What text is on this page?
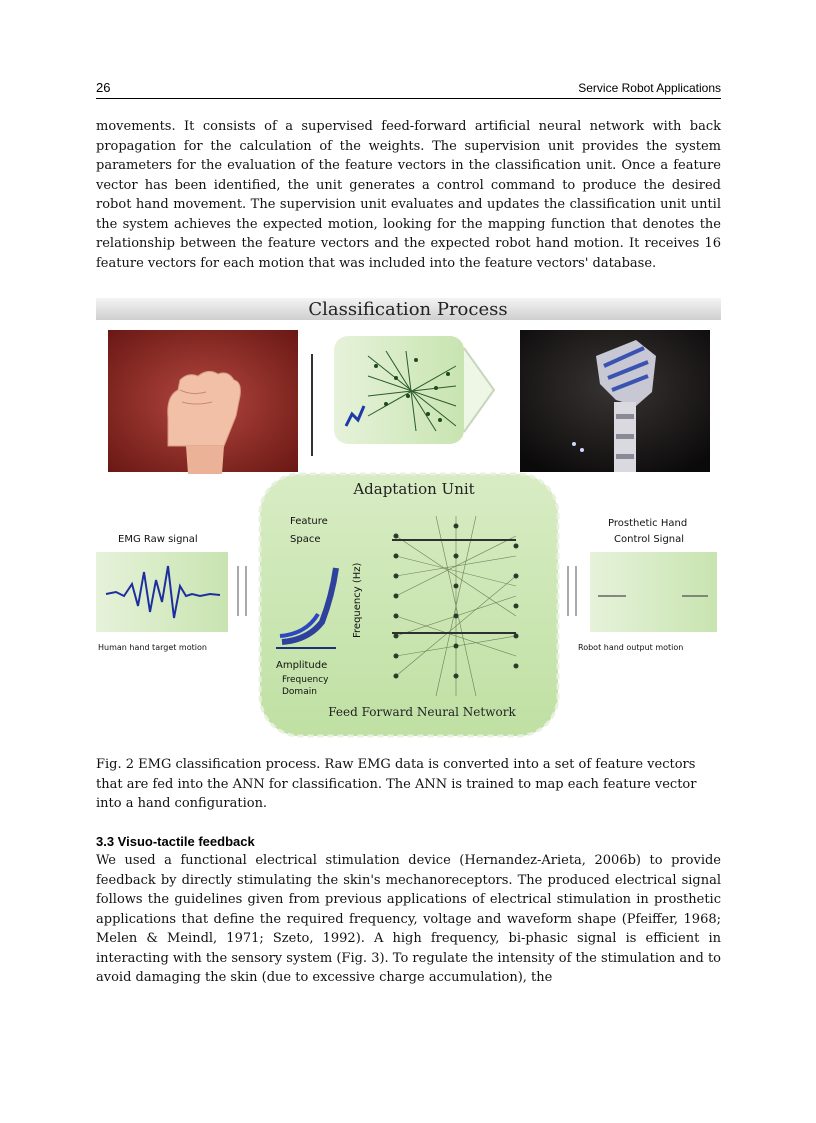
26	Service Robot Applications

movements. It consists of a supervised feed-forward artificial neural network with back propagation for the calculation of the weights. The supervision unit provides the system parameters for the evaluation of the feature vectors in the classification unit. Once a feature vector has been identified, the unit generates a control command to produce the desired robot hand movement. The supervision unit evaluates and updates the classification unit until the system achieves the expected motion, looking for the mapping function that denotes the relationship between the feature vectors and the expected robot hand motion. It receives 16 feature vectors for each motion that was included into the feature vectors' database.

Classification Process
Adaptation Unit
Feature
Space
Frequency (Hz)
Amplitude
Frequency
Domain
Feed Forward Neural Network
EMG Raw signal
Human hand target motion
Prosthetic Hand
Control Signal
Robot hand output motion

Fig. 2 EMG classification process. Raw EMG data is converted into a set of feature vectors that are fed into the ANN for classification. The ANN is trained to map each feature vector into a hand configuration.

3.3 Visuo-tactile feedback

We used a functional electrical stimulation device (Hernandez-Arieta, 2006b) to provide feedback by directly stimulating the skin's mechanoreceptors. The produced electrical signal follows the guidelines given from previous applications of electrical stimulation in prosthetic applications that define the required frequency, voltage and waveform shape (Pfeiffer, 1968; Melen & Meindl, 1971; Szeto, 1992). A high frequency, bi-phasic signal is efficient in interacting with the sensory system (Fig. 3). To regulate the intensity of the stimulation and to avoid damaging the skin (due to excessive charge accumulation), the
